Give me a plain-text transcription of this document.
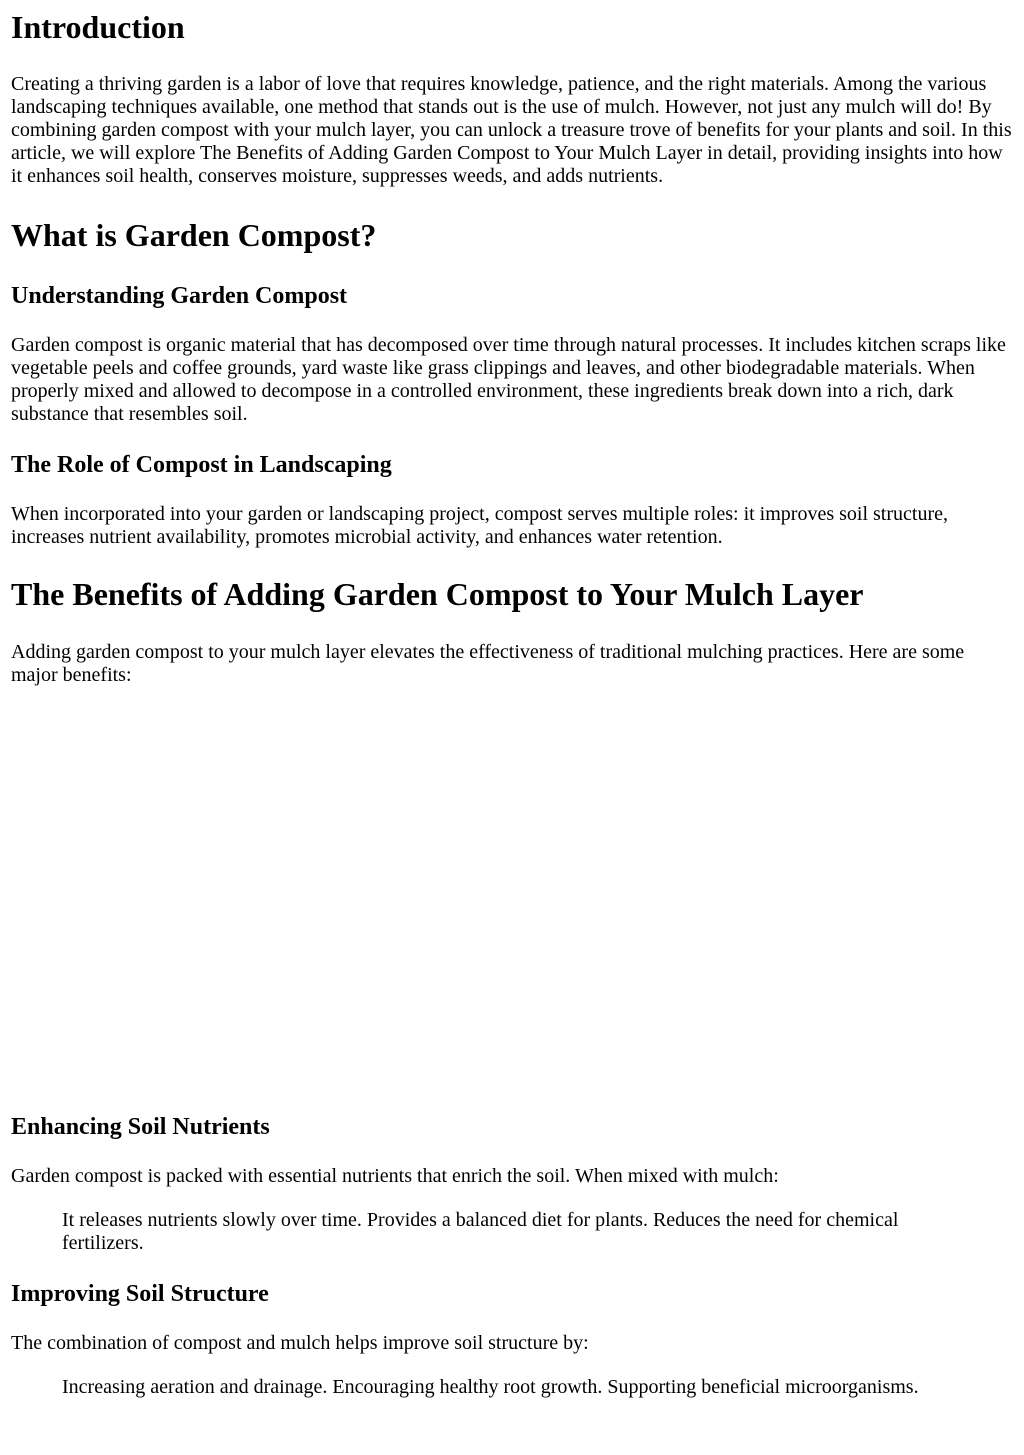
Introduction

Creating a thriving garden is a labor of love that requires knowledge, patience, and the right materials. Among the various landscaping techniques available, one method that stands out is the use of mulch. However, not just any mulch will do! By combining garden compost with your mulch layer, you can unlock a treasure trove of benefits for your plants and soil. In this article, we will explore The Benefits of Adding Garden Compost to Your Mulch Layer in detail, providing insights into how it enhances soil health, conserves moisture, suppresses weeds, and adds nutrients.

What is Garden Compost?
Understanding Garden Compost

Garden compost is organic material that has decomposed over time through natural processes. It includes kitchen scraps like vegetable peels and coffee grounds, yard waste like grass clippings and leaves, and other biodegradable materials. When properly mixed and allowed to decompose in a controlled environment, these ingredients break down into a rich, dark substance that resembles soil.

The Role of Compost in Landscaping

When incorporated into your garden or landscaping project, compost serves multiple roles: it improves soil structure, increases nutrient availability, promotes microbial activity, and enhances water retention.

The Benefits of Adding Garden Compost to Your Mulch Layer

Adding garden compost to your mulch layer elevates the effectiveness of traditional mulching practices. Here are some major benefits:

Enhancing Soil Nutrients

Garden compost is packed with essential nutrients that enrich the soil. When mixed with mulch:

It releases nutrients slowly over time. Provides a balanced diet for plants. Reduces the need for chemical fertilizers.
Improving Soil Structure

The combination of compost and mulch helps improve soil structure by:

Increasing aeration and drainage. Encouraging healthy root growth. Supporting beneficial microorganisms.
